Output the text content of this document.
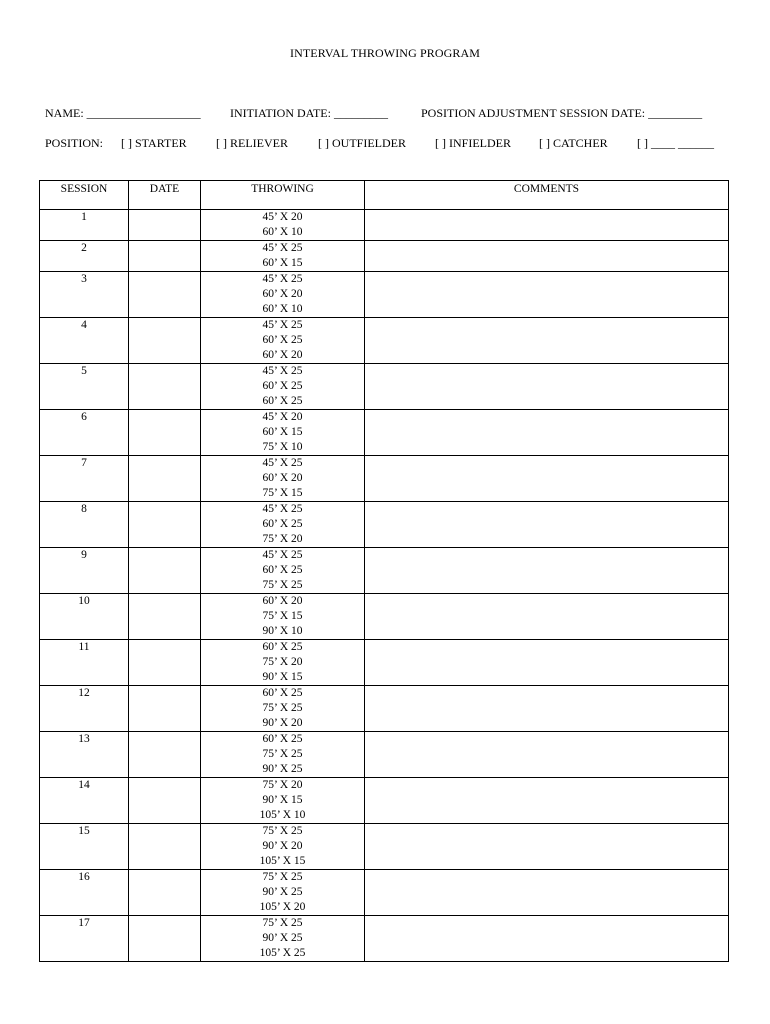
INTERVAL THROWING PROGRAM
NAME: ___________________ INITIATION DATE: _________	POSITION ADJUSTMENT SESSION DATE: _________
POSITION: [ ] STARTER [ ] RELIEVER	[ ] OUTFIELDER [ ] INFIELDER [ ] CATCHER [ ] ____ ______
SESSION	DATE	THROWING	COMMENTS
1		45’ X 20
60’ X 10	

2		45’ X 25
60’ X 15	

3		45’ X 25
60’ X 20
60’ X 10	

4		45’ X 25
60’ X 25
60’ X 20	

5		45’ X 25
60’ X 25
60’ X 25	

6		45’ X 20
60’ X 15
75’ X 10	

7		45’ X 25
60’ X 20
75’ X 15	

8		45’ X 25
60’ X 25
75’ X 20	

9		45’ X 25
60’ X 25
75’ X 25	

10		60’ X 20
75’ X 15
90’ X 10	

11		60’ X 25
75’ X 20
90’ X 15	

12		60’ X 25
75’ X 25
90’ X 20	

13		60’ X 25
75’ X 25
90’ X 25	

14		75’ X 20
90’ X 15
105’ X 10	

15		75’ X 25
90’ X 20
105’ X 15	

16		75’ X 25
90’ X 25
105’ X 20	

17		75’ X 25
90’ X 25
105’ X 25	
